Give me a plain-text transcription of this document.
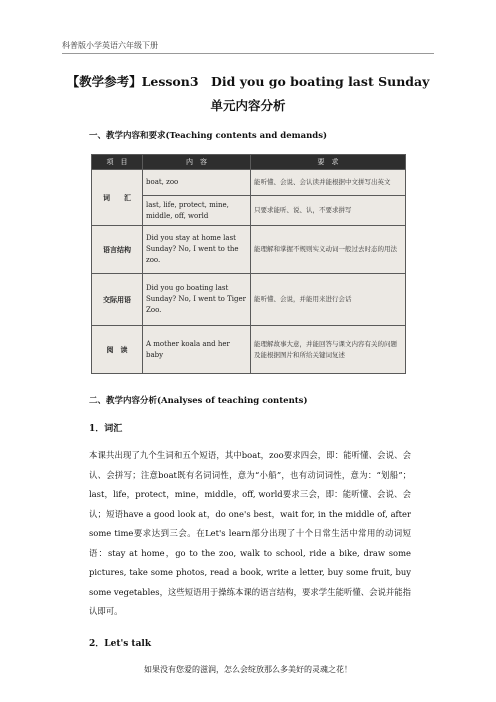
科普版小学英语六年级下册
【教学参考】Lesson3　Did you go boating last Sunday
单元内容分析
一、教学内容和要求(Teaching contents and demands)
项　目	内　容	要　求
词　　汇	boat, zoo	能听懂、会说、会认读并能根据中文拼写出英文
	last, life, protect, mine, middle, off, world	只要求能听、说、认，不要求拼写
语言结构	Did you stay at home last Sunday? No, I went to the zoo.	能理解和掌握不规则实义动词一般过去时态的用法
交际用语	Did you go boating last Sunday? No, I went to Tiger Zoo.	能听懂、会说，并能用来进行会话
阅　读	A mother koala and her baby	能理解故事大意，并能回答与课文内容有关的问题及能根据图片和所给关键词复述
二、教学内容分析(Analyses of teaching contents)
1．词汇
本课共出现了九个生词和五个短语，其中boat，zoo要求四会，即：能听懂、会说、会认、会拼写；注意boat既有名词词性，意为“小船”，也有动词词性，意为：“划船”；last，life，protect，mine，middle，off, world要求三会，即：能听懂、会说、会认；短语have a good look at，do one's best，wait for, in the middle of, after some time要求达到三会。在Let's learn部分出现了十个日常生活中常用的动词短语：stay at home，go to the zoo, walk to school, ride a bike, draw some pictures, take some photos, read a book, write a letter, buy some fruit, buy some vegetables，这些短语用于操练本课的语言结构，要求学生能听懂、会说并能指认即可。
2．Let's talk
如果没有您爱的滋润，怎么会绽放那么多美好的灵魂之花！
